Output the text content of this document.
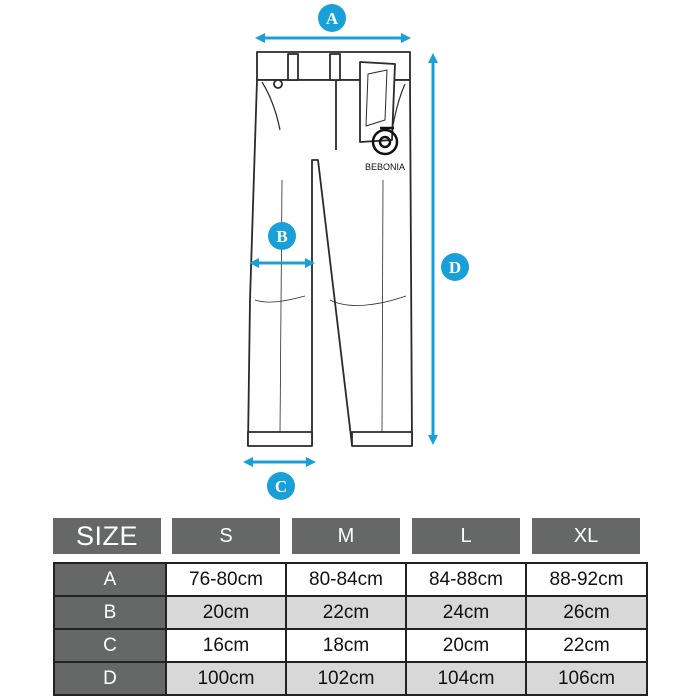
BEBONIA
A
B
C
D
SIZE	S	M	L	XL
A	76-80cm	80-84cm	84-88cm	88-92cm
B	20cm	22cm	24cm	26cm
C	16cm	18cm	20cm	22cm
D	100cm	102cm	104cm	106cm
